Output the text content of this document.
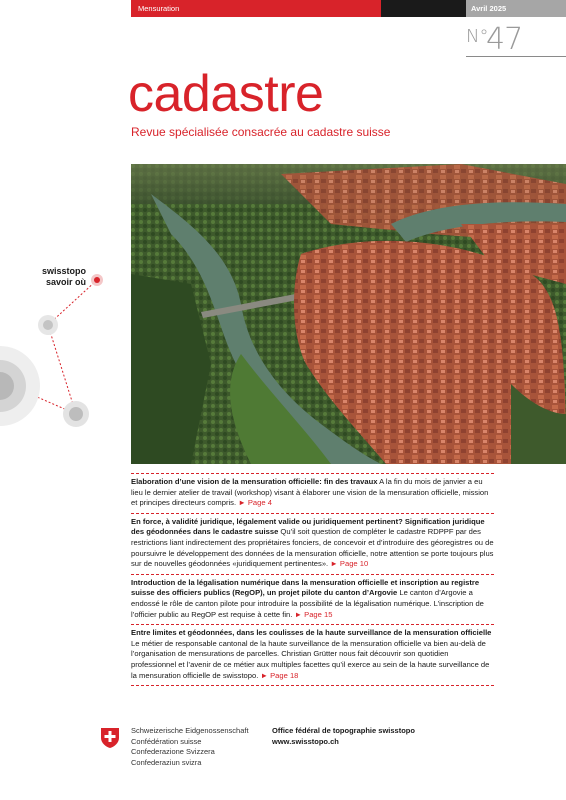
Mensuration	Avril 2025
N°
47
cadastre
Revue spécialisée consacrée au cadastre suisse
swisstopo
savoir où
Elaboration d’une vision de la mensuration officielle: fin des travaux A la fin du mois de janvier a eu lieu le dernier atelier de travail (workshop) visant à élaborer une vision de la mensuration officielle, mission et principes directeurs compris. ► Page 4
En force, à validité juridique, légalement valide ou juridiquement pertinent? Signification juridique des géodonnées dans le cadastre suisse Qu’il soit question de compléter le cadastre RDPPF par des restrictions liant indirectement des propriétaires fonciers, de concevoir et d’introduire des géoregistres ou de poursuivre le développement des données de la mensuration officielle, notre attention se porte toujours plus sur de nouvelles géodonnées «juridiquement pertinentes». ► Page 10
Introduction de la légalisation numérique dans la mensuration officielle et inscription au registre suisse des officiers publics (RegOP), un projet pilote du canton d’Argovie Le canton d’Argovie a endossé le rôle de canton pilote pour introduire la possibilité de la légalisation numérique. L’inscription de l’officier public au RegOP est requise à cette fin. ► Page 15
Entre limites et géodonnées, dans les coulisses de la haute surveillance de la mensuration officielle Le métier de responsable cantonal de la haute surveillance de la mensuration officielle va bien au-delà de l’organisation de mensurations de parcelles. Christian Grütter nous fait découvrir son quotidien professionnel et l’avenir de ce métier aux multiples facettes qu’il exerce au sein de la haute surveillance de la mensuration officielle de swisstopo. ► Page 18
Schweizerische Eidgenossenschaft
Confédération suisse
Confederazione Svizzera
Confederaziun svizra
Office fédéral de topographie swisstopo
www.swisstopo.ch
